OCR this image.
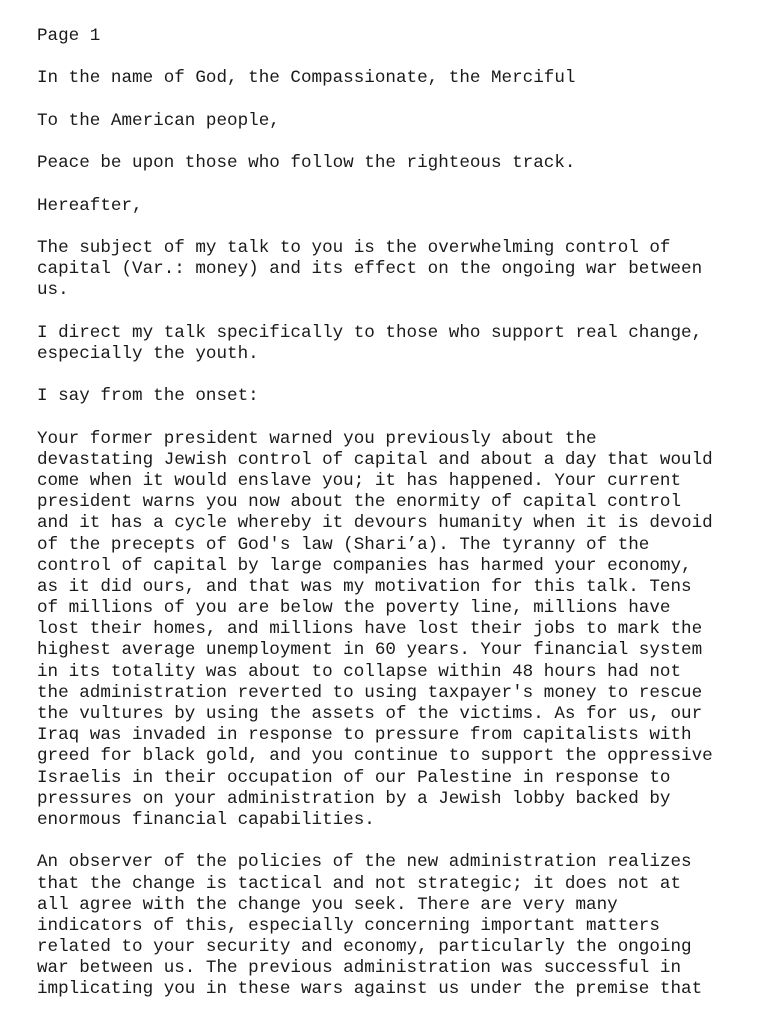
Page 1
In the name of God, the Compassionate, the Merciful
To the American people,
Peace be upon those who follow the righteous track.
Hereafter,
The subject of my talk to you is the overwhelming control of
capital (Var.: money) and its effect on the ongoing war between
us.
I direct my talk specifically to those who support real change,
especially the youth.
I say from the onset:
Your former president warned you previously about the
devastating Jewish control of capital and about a day that would
come when it would enslave you; it has happened. Your current
president warns you now about the enormity of capital control
and it has a cycle whereby it devours humanity when it is devoid
of the precepts of God's law (Shari’a). The tyranny of the
control of capital by large companies has harmed your economy,
as it did ours, and that was my motivation for this talk. Tens
of millions of you are below the poverty line, millions have
lost their homes, and millions have lost their jobs to mark the
highest average unemployment in 60 years. Your financial system
in its totality was about to collapse within 48 hours had not
the administration reverted to using taxpayer's money to rescue
the vultures by using the assets of the victims. As for us, our
Iraq was invaded in response to pressure from capitalists with
greed for black gold, and you continue to support the oppressive
Israelis in their occupation of our Palestine in response to
pressures on your administration by a Jewish lobby backed by
enormous financial capabilities.
An observer of the policies of the new administration realizes
that the change is tactical and not strategic; it does not at
all agree with the change you seek. There are very many
indicators of this, especially concerning important matters
related to your security and economy, particularly the ongoing
war between us. The previous administration was successful in
implicating you in these wars against us under the premise that
